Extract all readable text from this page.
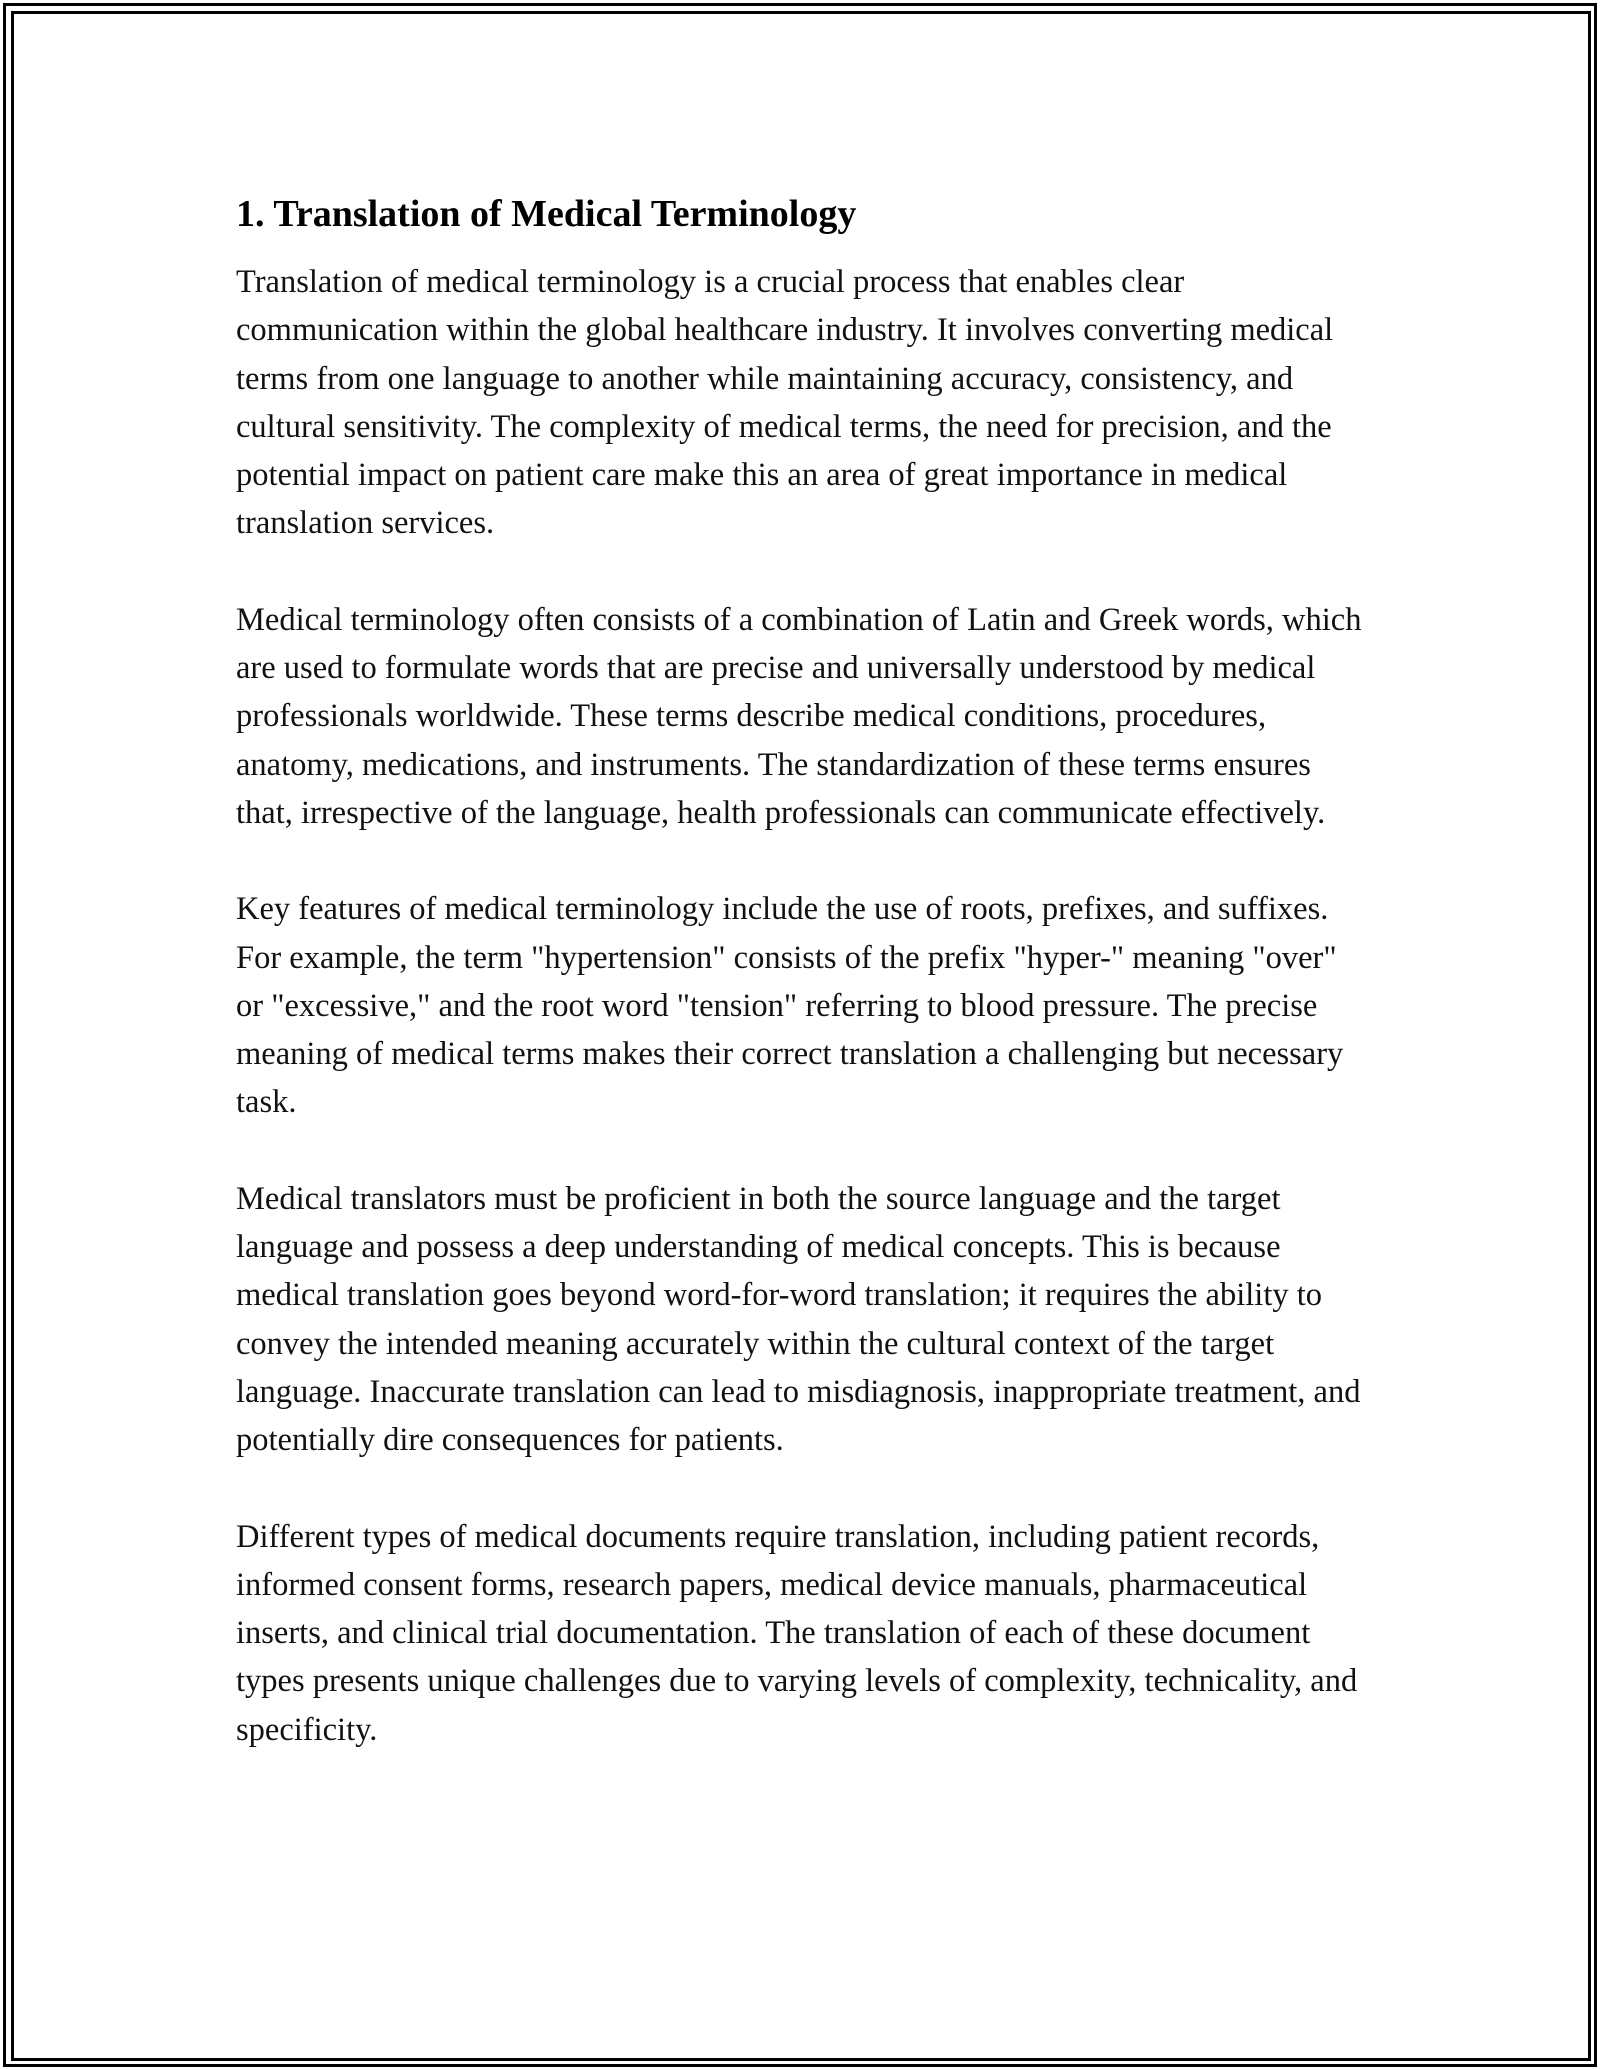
1. Translation of Medical Terminology

Translation of medical terminology is a crucial process that enables clear communication within the global healthcare industry. It involves converting medical terms from one language to another while maintaining accuracy, consistency, and cultural sensitivity. The complexity of medical terms, the need for precision, and the potential impact on patient care make this an area of great importance in medical translation services.

Medical terminology often consists of a combination of Latin and Greek words, which are used to formulate words that are precise and universally understood by medical professionals worldwide. These terms describe medical conditions, procedures, anatomy, medications, and instruments. The standardization of these terms ensures that, irrespective of the language, health professionals can communicate effectively.

Key features of medical terminology include the use of roots, prefixes, and suffixes. For example, the term "hypertension" consists of the prefix "hyper-" meaning "over" or "excessive," and the root word "tension" referring to blood pressure. The precise meaning of medical terms makes their correct translation a challenging but necessary task.

Medical translators must be proficient in both the source language and the target language and possess a deep understanding of medical concepts. This is because medical translation goes beyond word-for-word translation; it requires the ability to convey the intended meaning accurately within the cultural context of the target language. Inaccurate translation can lead to misdiagnosis, inappropriate treatment, and potentially dire consequences for patients.

Different types of medical documents require translation, including patient records, informed consent forms, research papers, medical device manuals, pharmaceutical inserts, and clinical trial documentation. The translation of each of these document types presents unique challenges due to varying levels of complexity, technicality, and specificity.
